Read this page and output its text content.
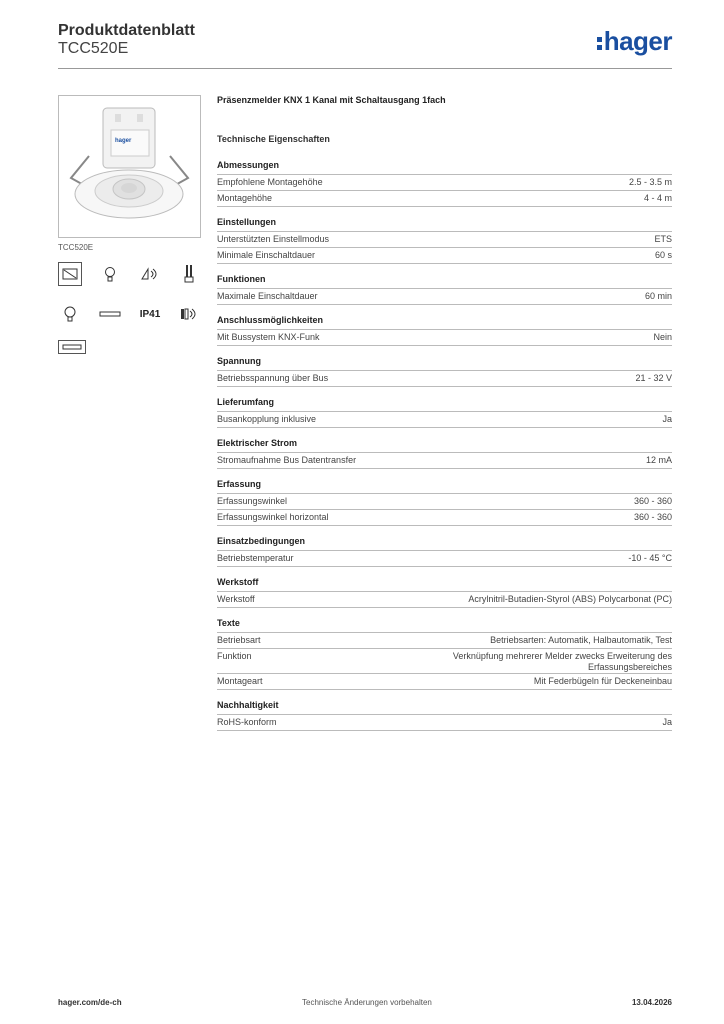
Produktdatenblatt
TCC520E	hager
hager
TCC520E
IP41
Präsenzmelder KNX 1 Kanal mit Schaltausgang 1fach
Technische Eigenschaften
Abmessungen
Empfohlene Montagehöhe	2.5 - 3.5 m
Montagehöhe	4 - 4 m
Einstellungen
Unterstützten Einstellmodus	ETS
Minimale Einschaltdauer	60 s
Funktionen
Maximale Einschaltdauer	60 min
Anschlussmöglichkeiten
Mit Bussystem KNX-Funk	Nein
Spannung
Betriebsspannung über Bus	21 - 32 V
Lieferumfang
Busankopplung inklusive	Ja
Elektrischer Strom
Stromaufnahme Bus Datentransfer	12 mA
Erfassung
Erfassungswinkel	360 - 360
Erfassungswinkel horizontal	360 - 360
Einsatzbedingungen
Betriebstemperatur	-10 - 45 °C
Werkstoff
Werkstoff	Acrylnitril-Butadien-Styrol (ABS) Polycarbonat (PC)
Texte
Betriebsart	Betriebsarten: Automatik, Halbautomatik, Test
Funktion	Verknüpfung mehrerer Melder zwecks Erweiterung des Erfassungsbereiches
Montageart	Mit Federbügeln für Deckeneinbau
Nachhaltigkeit
RoHS-konform	Ja
hager.com/de-ch	Technische Änderungen vorbehalten	13.04.2026
